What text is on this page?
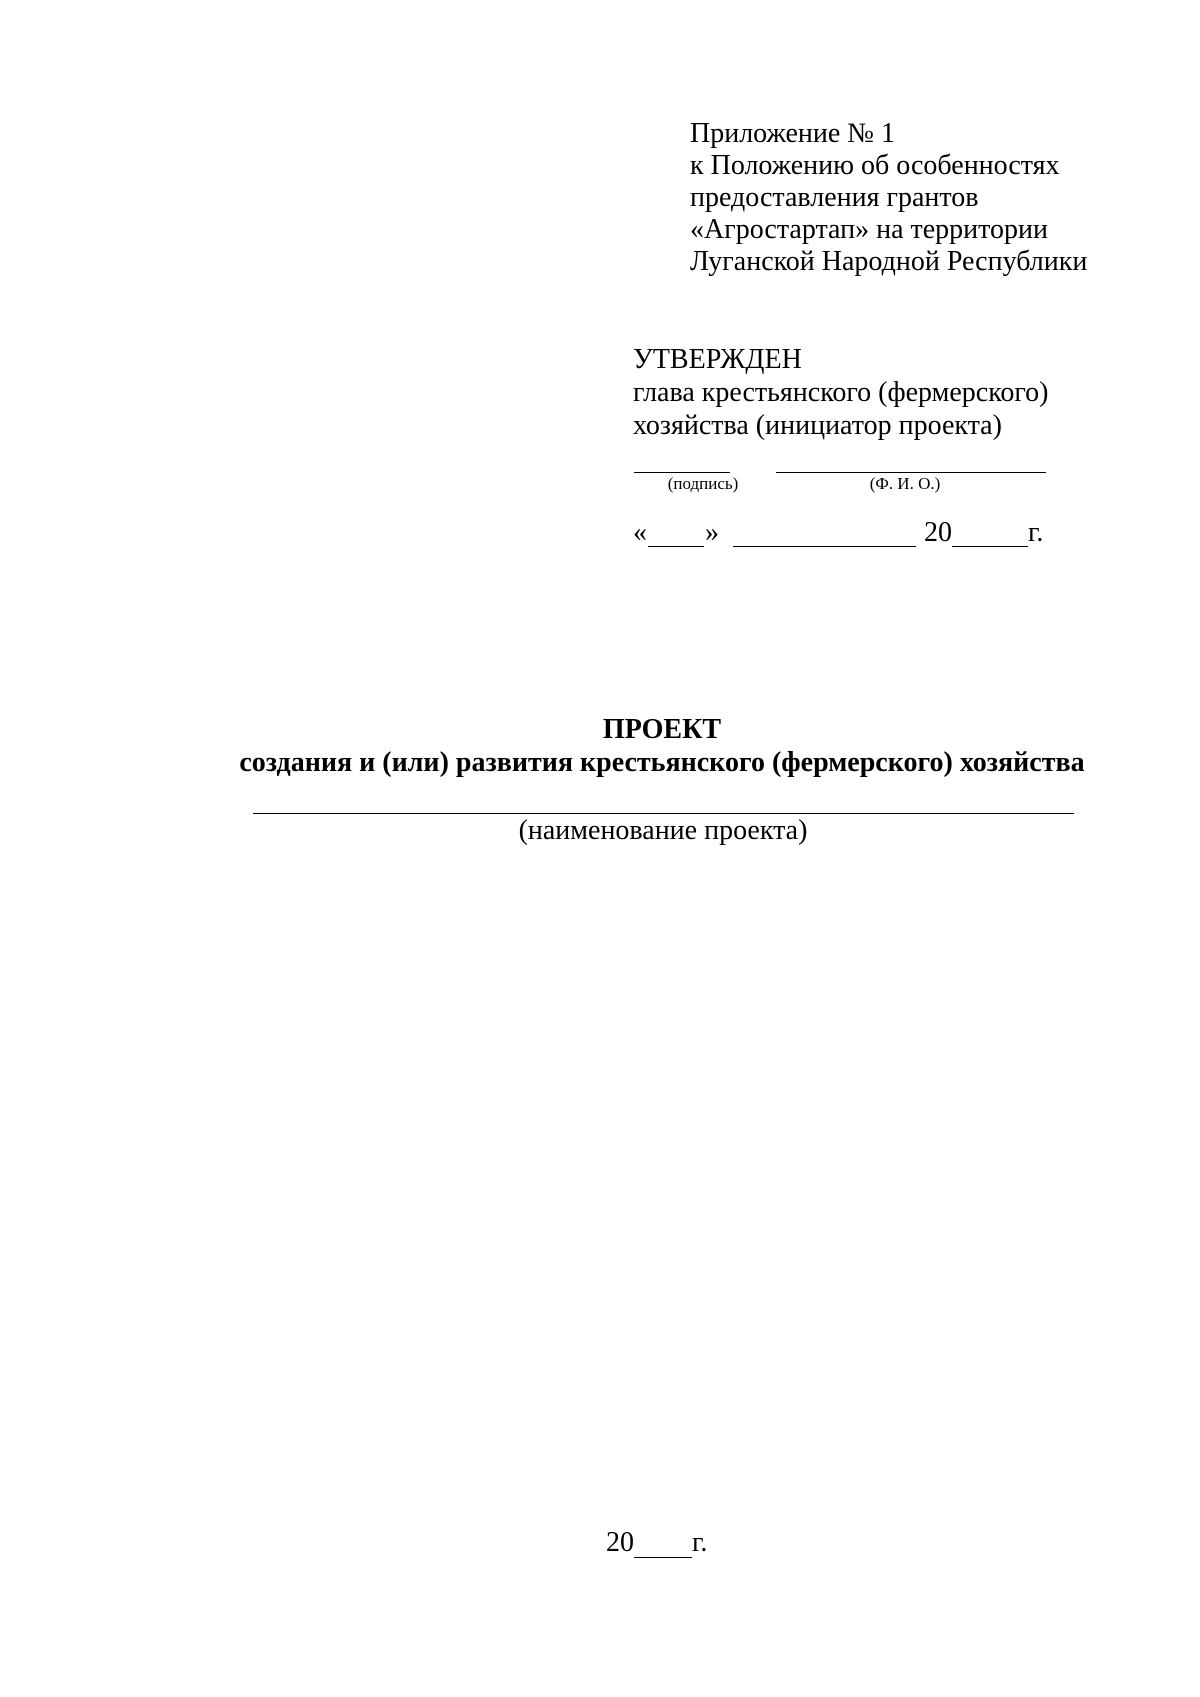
Приложение № 1
к Положению об особенностях
предоставления грантов
«Агростартап» на территории
Луганской Народной Республики
УТВЕРЖДЕН
глава крестьянского (фермерского)
хозяйства (инициатор проекта)
(подпись)	(Ф. И. О.)
« »	20	г.
ПРОЕКТ
создания и (или) развития крестьянского (фермерского) хозяйства
(наименование проекта)
20 г.
